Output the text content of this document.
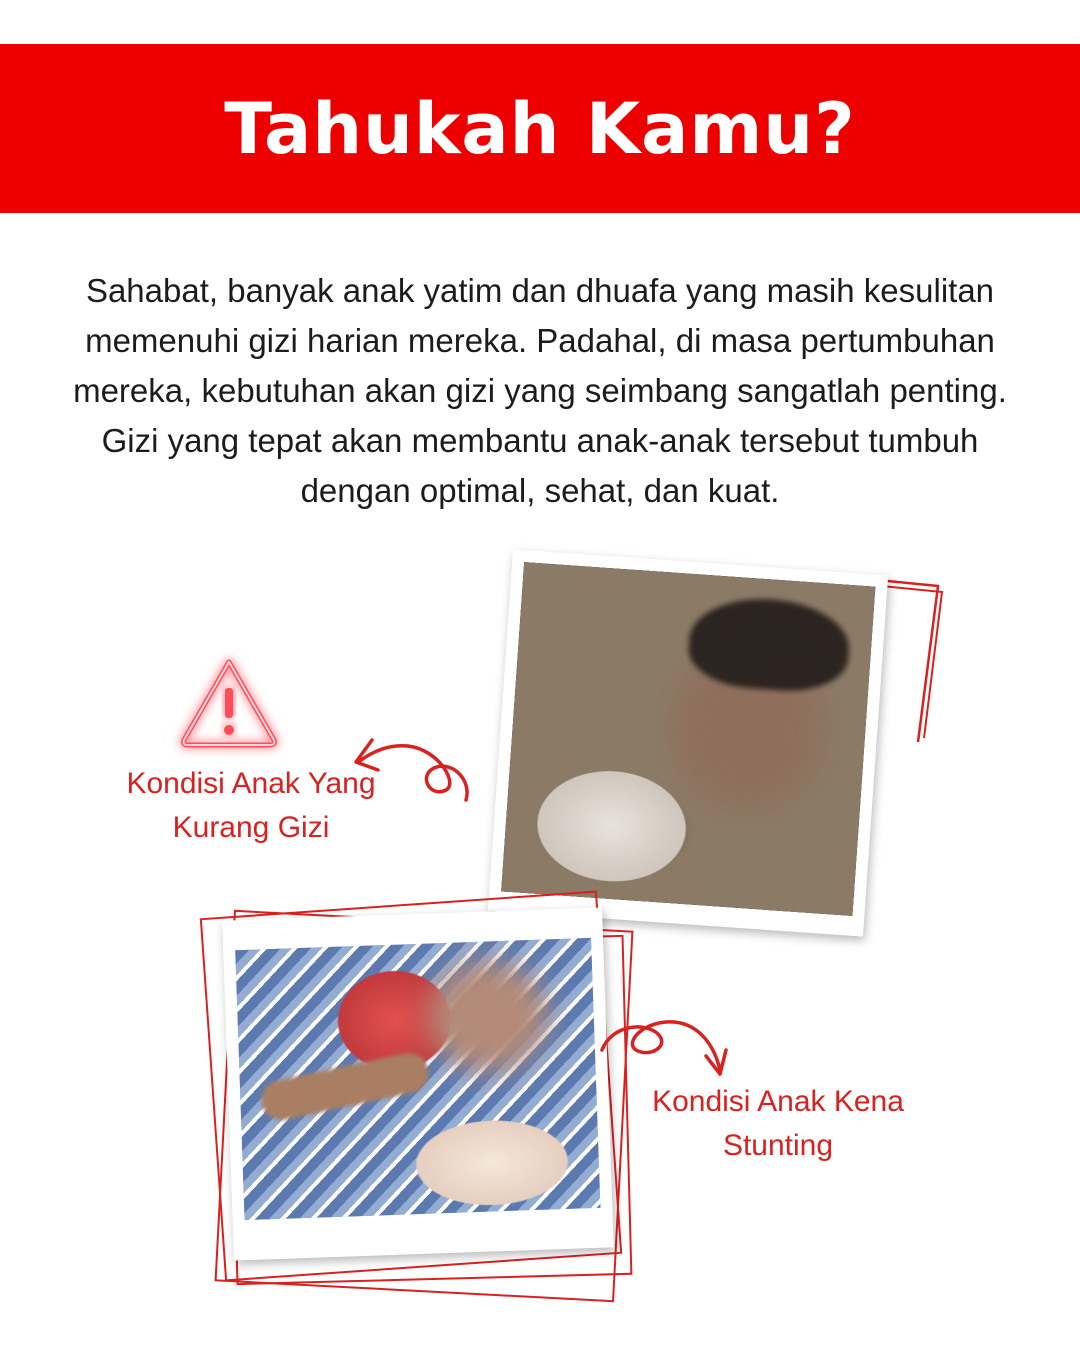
Tahukah Kamu?

Sahabat, banyak anak yatim dan dhuafa yang masih kesulitan memenuhi gizi harian mereka. Padahal, di masa pertumbuhan mereka, kebutuhan akan gizi yang seimbang sangatlah penting. Gizi yang tepat akan membantu anak-anak tersebut tumbuh dengan optimal, sehat, dan kuat.

Kondisi Anak Yang
Kurang Gizi
Kondisi Anak Kena
Stunting
